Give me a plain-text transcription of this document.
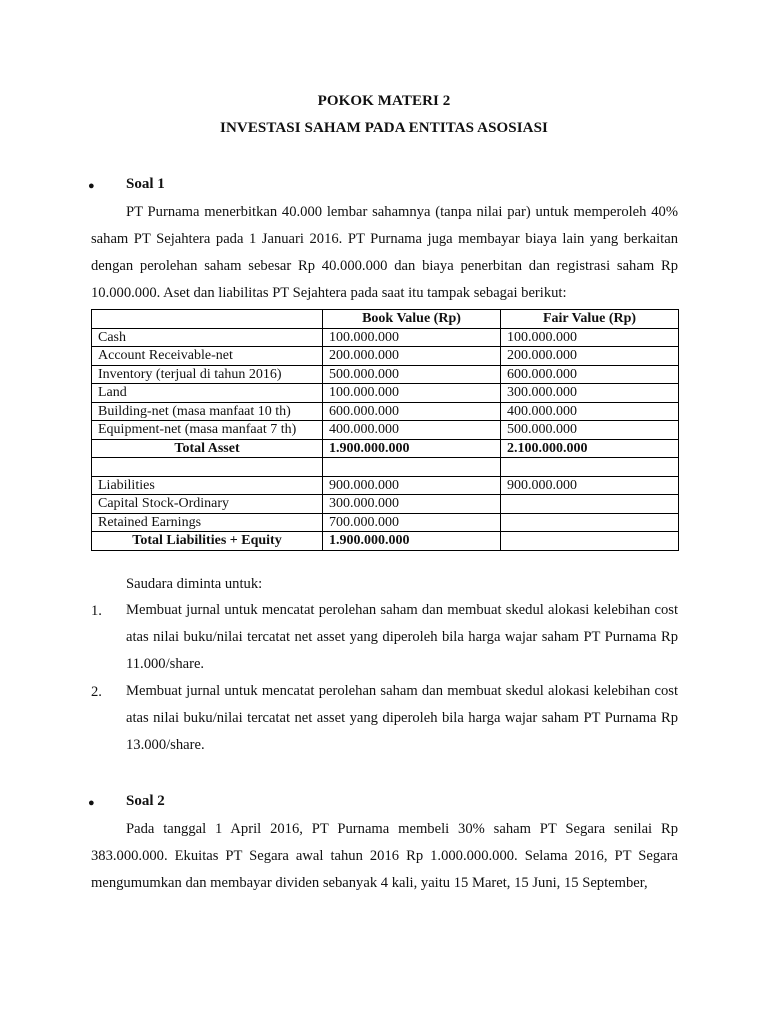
POKOK MATERI 2
INVESTASI SAHAM PADA ENTITAS ASOSIASI
● Soal 1

PT Purnama menerbitkan 40.000 lembar sahamnya (tanpa nilai par) untuk memperoleh 40% saham PT Sejahtera pada 1 Januari 2016. PT Purnama juga membayar biaya lain yang berkaitan dengan perolehan saham sebesar Rp 40.000.000 dan biaya penerbitan dan registrasi saham Rp 10.000.000. Aset dan liabilitas PT Sejahtera pada saat itu tampak sebagai berikut:

	Book Value (Rp)	Fair Value (Rp)
Cash	100.000.000	100.000.000
Account Receivable-net	200.000.000	200.000.000
Inventory (terjual di tahun 2016)	500.000.000	600.000.000
Land	100.000.000	300.000.000
Building-net (masa manfaat 10 th)	600.000.000	400.000.000
Equipment-net (masa manfaat 7 th)	400.000.000	500.000.000
Total Asset	1.900.000.000	2.100.000.000

Liabilities	900.000.000	900.000.000
Capital Stock-Ordinary	300.000.000	
Retained Earnings	700.000.000	
Total Liabilities + Equity	1.900.000.000	
Saudara diminta untuk:
1. Membuat jurnal untuk mencatat perolehan saham dan membuat skedul alokasi kelebihan cost atas nilai buku/nilai tercatat net asset yang diperoleh bila harga wajar saham PT Purnama Rp 11.000/share.

2. Membuat jurnal untuk mencatat perolehan saham dan membuat skedul alokasi kelebihan cost atas nilai buku/nilai tercatat net asset yang diperoleh bila harga wajar saham PT Purnama Rp 13.000/share.

● Soal 2

Pada tanggal 1 April 2016, PT Purnama membeli 30% saham PT Segara senilai Rp 383.000.000. Ekuitas PT Segara awal tahun 2016 Rp 1.000.000.000. Selama 2016, PT Segara mengumumkan dan membayar dividen sebanyak 4 kali, yaitu 15 Maret, 15 Juni, 15 September,
